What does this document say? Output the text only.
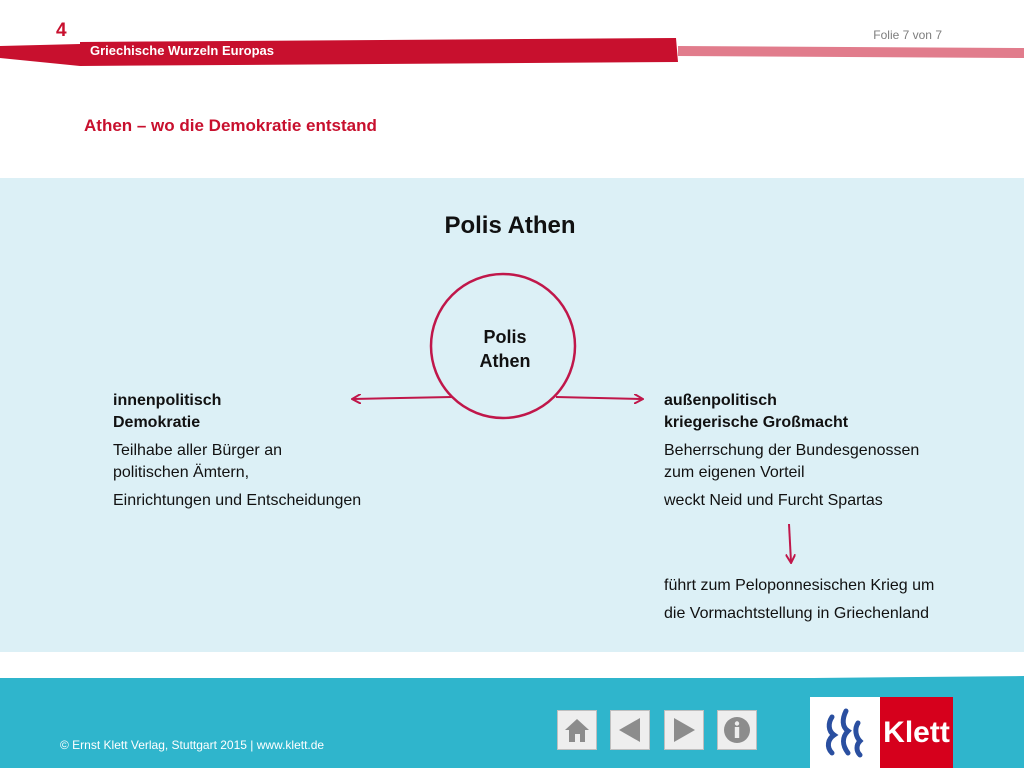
4	Folie 7 von 7
Griechische Wurzeln Europas
Athen – wo die Demokratie entstand
Polis Athen
Polis
Athen
innenpolitisch
Demokratie
Teilhabe aller Bürger an
politischen Ämtern,
Einrichtungen und Entscheidungen
außenpolitisch
kriegerische Großmacht
Beherrschung der Bundesgenossen
zum eigenen Vorteil
weckt Neid und Furcht Spartas
führt zum Peloponnesischen Krieg um
die Vormachtstellung in Griechenland
© Ernst Klett Verlag, Stuttgart 2015 | www.klett.de	Klett
